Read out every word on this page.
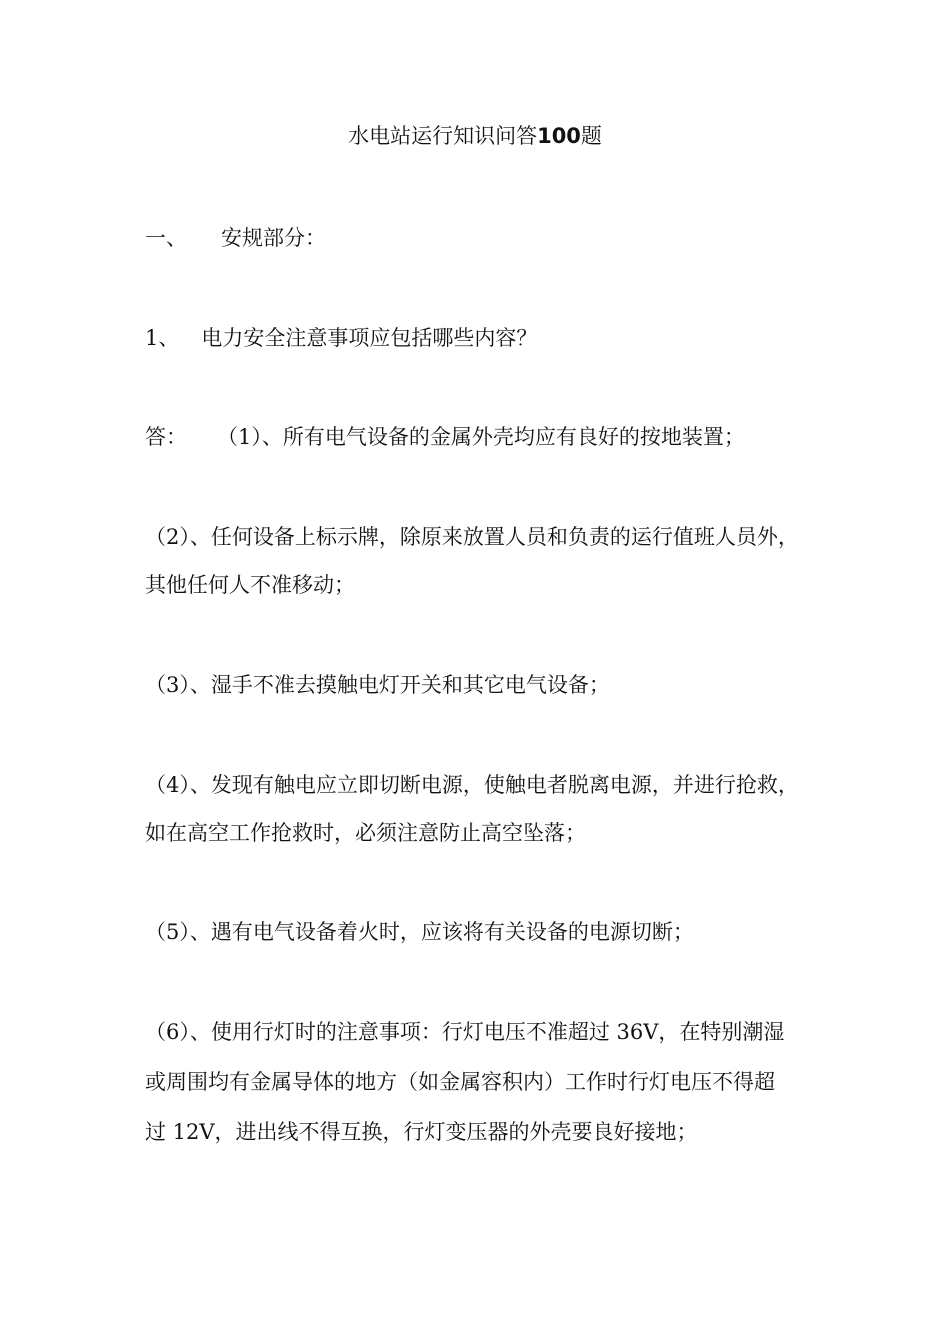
水电站运行知识问答100题
一、 安规部分：
1、 电力安全注意事项应包括哪些内容？
答： （1）、所有电气设备的金属外壳均应有良好的按地装置；
（2）、任何设备上标示牌，除原来放置人员和负责的运行值班人员外，
其他任何人不准移动；
（3）、湿手不准去摸触电灯开关和其它电气设备；
（4）、发现有触电应立即切断电源，使触电者脱离电源，并进行抢救，
如在高空工作抢救时，必须注意防止高空坠落；
（5）、遇有电气设备着火时，应该将有关设备的电源切断；
（6）、使用行灯时的注意事项：行灯电压不准超过 36V，在特别潮湿
或周围均有金属导体的地方（如金属容积内）工作时行灯电压不得超
过 12V，进出线不得互换，行灯变压器的外壳要良好接地；
